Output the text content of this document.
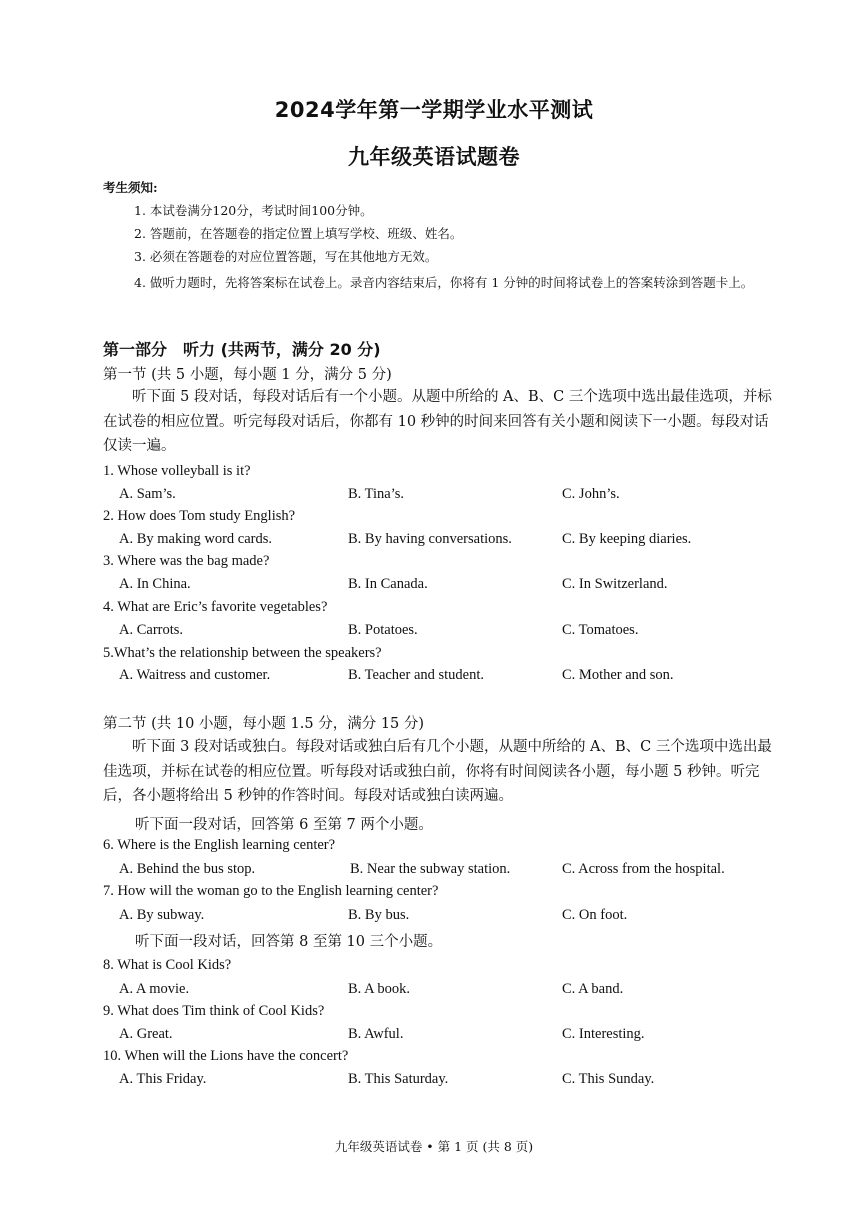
2024学年第一学期学业水平测试
九年级英语试题卷
考生须知:
1. 本试卷满分120分，考试时间100分钟。
2. 答题前，在答题卷的指定位置上填写学校、班级、姓名。
3. 必须在答题卷的对应位置答题，写在其他地方无效。
4. 做听力题时，先将答案标在试卷上。录音内容结束后，你将有 1 分钟的时间将试卷上的答案转涂到答题卡上。
第一部分　听力 (共两节，满分 20 分)
第一节 (共 5 小题，每小题 1 分，满分 5 分)
听下面 5 段对话，每段对话后有一个小题。从题中所给的 A、B、C 三个选项中选出最佳选项，并标在试卷的相应位置。听完每段对话后，你都有 10 秒钟的时间来回答有关小题和阅读下一小题。每段对话仅读一遍。
1. Whose volleyball is it?
A. Sam’s.	B. Tina’s.	C. John’s.
2. How does Tom study English?
A. By making word cards.	B. By having conversations.	C. By keeping diaries.
3. Where was the bag made?
A. In China.	B. In Canada.	C. In Switzerland.
4. What are Eric’s favorite vegetables?
A. Carrots.	B. Potatoes.	C. Tomatoes.
5.What’s the relationship between the speakers?
A. Waitress and customer.	B. Teacher and student.	C. Mother and son.
第二节 (共 10 小题，每小题 1.5 分，满分 15 分)
听下面 3 段对话或独白。每段对话或独白后有几个小题，从题中所给的 A、B、C 三个选项中选出最佳选项，并标在试卷的相应位置。听每段对话或独白前，你将有时间阅读各小题，每小题 5 秒钟。听完后，各小题将给出 5 秒钟的作答时间。每段对话或独白读两遍。
听下面一段对话，回答第 6 至第 7 两个小题。
6. Where is the English learning center?
A. Behind the bus stop.	B. Near the subway station.	C. Across from the hospital.
7. How will the woman go to the English learning center?
A. By subway.	B. By bus.	C. On foot.
听下面一段对话，回答第 8 至第 10 三个小题。
8. What is Cool Kids?
A. A movie.	B. A book.	C. A band.
9. What does Tim think of Cool Kids?
A. Great.	B. Awful.	C. Interesting.
10. When will the Lions have the concert?
A. This Friday.	B. This Saturday.	C. This Sunday.
九年级英语试卷 • 第 1 页 (共 8 页)
